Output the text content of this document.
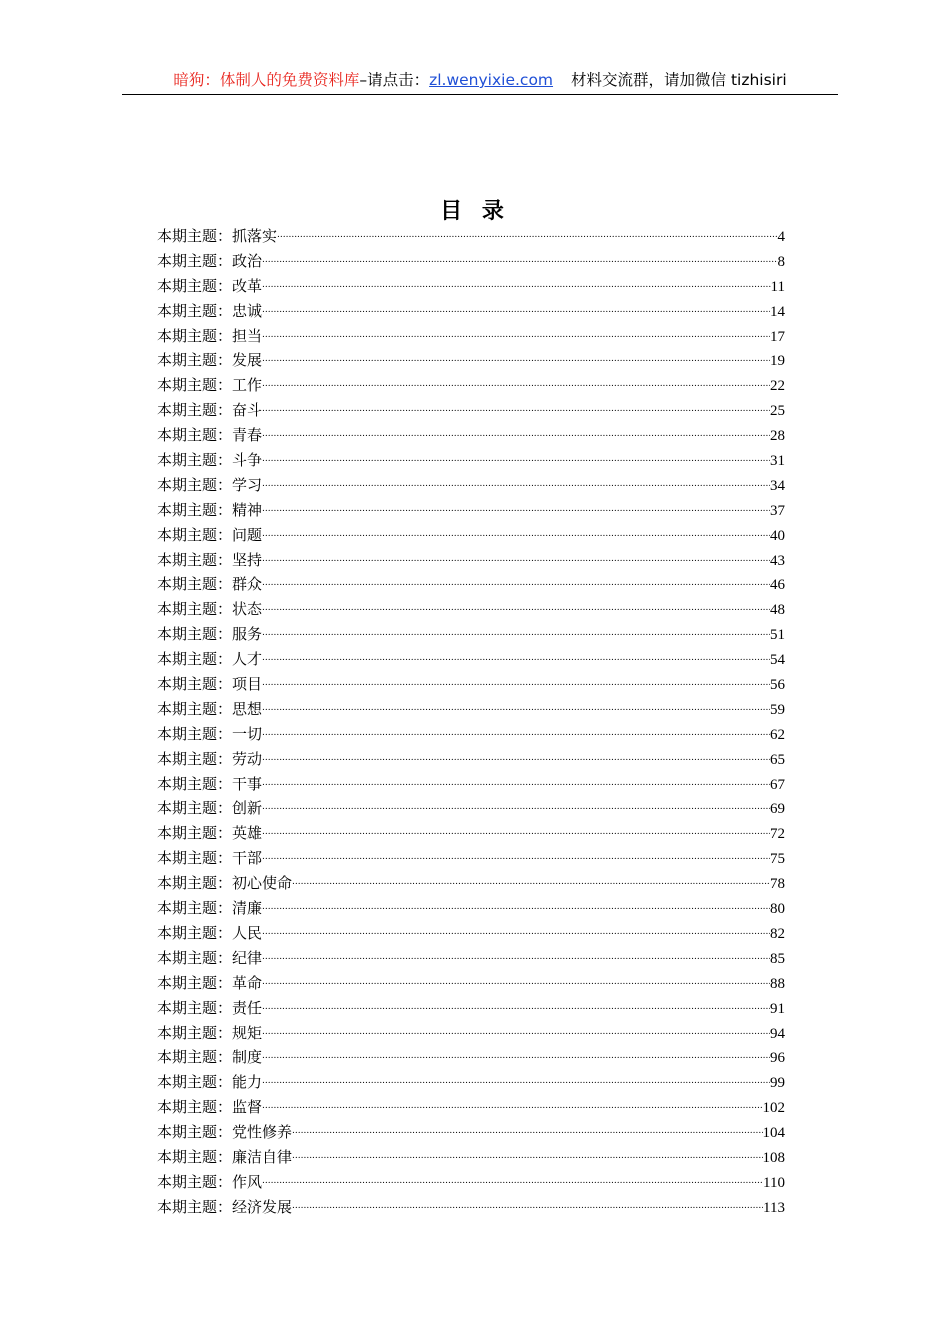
暗狗：体制人的免费资料库–请点击：zl.wenyixie.com 材料交流群，请加微信 tizhisiri
目 录
本期主题： 抓落实 .....	4
本期主题： 政治 .....	8
本期主题： 改革 .....	11
本期主题： 忠诚 .....	14
本期主题： 担当 .....	17
本期主题： 发展 .....	19
本期主题： 工作 .....	22
本期主题： 奋斗 .....	25
本期主题： 青春 .....	28
本期主题： 斗争 .....	31
本期主题： 学习 .....	34
本期主题： 精神 .....	37
本期主题： 问题 .....	40
本期主题： 坚持 .....	43
本期主题： 群众 .....	46
本期主题： 状态 .....	48
本期主题： 服务 .....	51
本期主题： 人才 .....	54
本期主题： 项目 .....	56
本期主题： 思想 .....	59
本期主题： 一切 .....	62
本期主题： 劳动 .....	65
本期主题： 干事 .....	67
本期主题： 创新 .....	69
本期主题： 英雄 .....	72
本期主题： 干部 .....	75
本期主题： 初心使命 .....	78
本期主题： 清廉 .....	80
本期主题： 人民 .....	82
本期主题： 纪律 .....	85
本期主题： 革命 .....	88
本期主题： 责任 .....	91
本期主题： 规矩 .....	94
本期主题： 制度 .....	96
本期主题： 能力 .....	99
本期主题： 监督 .....	102
本期主题： 党性修养 .....	104
本期主题： 廉洁自律 .....	108
本期主题： 作风 .....	110
本期主题： 经济发展 .....	113
